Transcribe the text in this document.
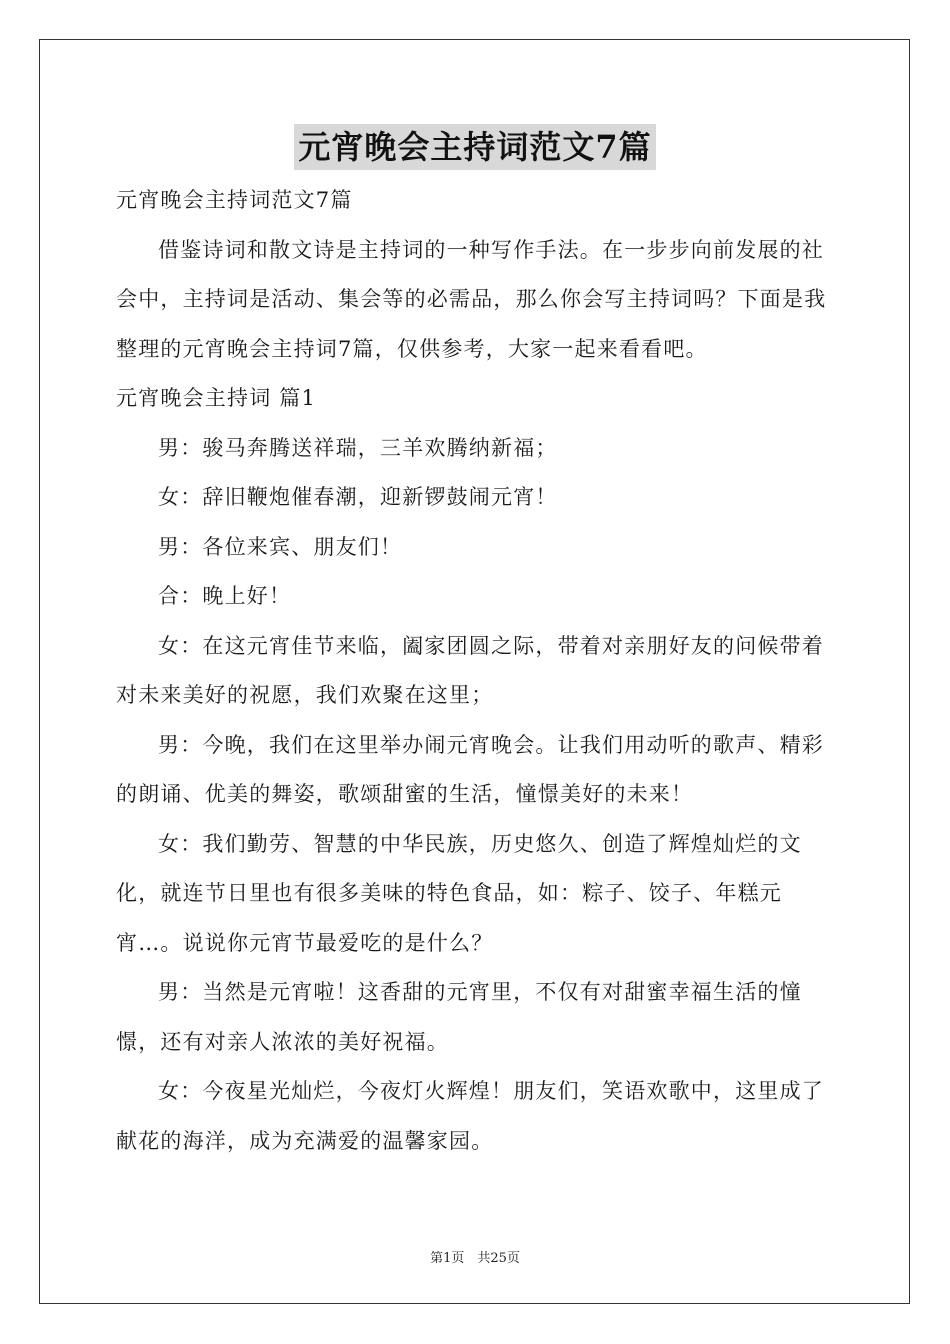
元宵晚会主持词范文7篇

元宵晚会主持词范文7篇

借鉴诗词和散文诗是主持词的一种写作手法。在一步步向前发展的社会中，主持词是活动、集会等的必需品，那么你会写主持词吗？下面是我整理的元宵晚会主持词7篇，仅供参考，大家一起来看看吧。

元宵晚会主持词 篇1

男：骏马奔腾送祥瑞，三羊欢腾纳新福；

女：辞旧鞭炮催春潮，迎新锣鼓闹元宵！

男：各位来宾、朋友们！

合：晚上好！

女：在这元宵佳节来临，阖家团圆之际，带着对亲朋好友的问候带着对未来美好的祝愿，我们欢聚在这里；

男：今晚，我们在这里举办闹元宵晚会。让我们用动听的歌声、精彩的朗诵、优美的舞姿，歌颂甜蜜的生活，憧憬美好的未来！

女：我们勤劳、智慧的中华民族，历史悠久、创造了辉煌灿烂的文化，就连节日里也有很多美味的特色食品，如：粽子、饺子、年糕元宵…。说说你元宵节最爱吃的是什么？

男：当然是元宵啦！这香甜的元宵里，不仅有对甜蜜幸福生活的憧憬，还有对亲人浓浓的美好祝福。

女：今夜星光灿烂，今夜灯火辉煌！朋友们，笑语欢歌中，这里成了献花的海洋，成为充满爱的温馨家园。

第1页　共25页
